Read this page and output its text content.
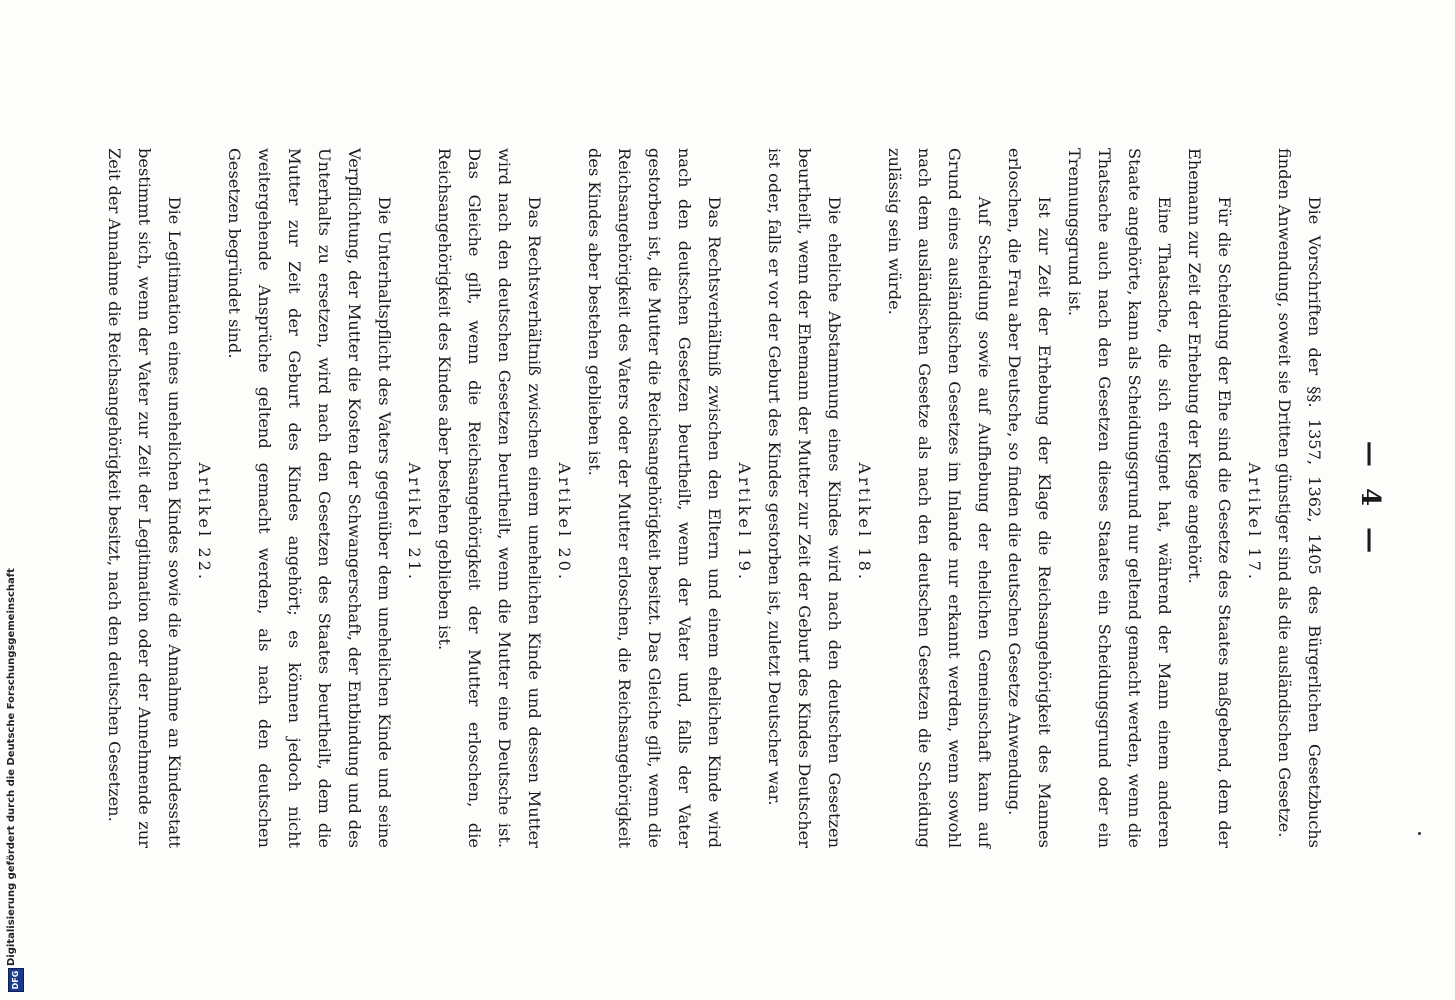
— 4 —

Die Vorschriften der §§. 1357, 1362, 1405 des Bürgerlichen Gesetzbuchs finden Anwendung, soweit sie Dritten günstiger sind als die ausländischen Gesetze.

Artikel 17.

Für die Scheidung der Ehe sind die Gesetze des Staates maßgebend, dem der Ehemann zur Zeit der Erhebung der Klage angehört.

Eine Thatsache, die sich ereignet hat, während der Mann einem anderen Staate angehörte, kann als Scheidungsgrund nur geltend gemacht werden, wenn die Thatsache auch nach den Gesetzen dieses Staates ein Scheidungsgrund oder ein Trennungsgrund ist.

Ist zur Zeit der Erhebung der Klage die Reichsangehörigkeit des Mannes erloschen, die Frau aber Deutsche, so finden die deutschen Gesetze Anwendung.

Auf Scheidung sowie auf Aufhebung der ehelichen Gemeinschaft kann auf Grund eines ausländischen Gesetzes im Inlande nur erkannt werden, wenn sowohl nach dem ausländischen Gesetze als nach den deutschen Gesetzen die Scheidung zulässig sein würde.

Artikel 18.

Die eheliche Abstammung eines Kindes wird nach den deutschen Gesetzen beurtheilt, wenn der Ehemann der Mutter zur Zeit der Geburt des Kindes Deutscher ist oder, falls er vor der Geburt des Kindes gestorben ist, zuletzt Deutscher war.

Artikel 19.

Das Rechtsverhältniß zwischen den Eltern und einem ehelichen Kinde wird nach den deutschen Gesetzen beurtheilt, wenn der Vater und, falls der Vater gestorben ist, die Mutter die Reichsangehörigkeit besitzt. Das Gleiche gilt, wenn die Reichsangehörigkeit des Vaters oder der Mutter erloschen, die Reichsangehörigkeit des Kindes aber bestehen geblieben ist.

Artikel 20.

Das Rechtsverhältniß zwischen einem unehelichen Kinde und dessen Mutter wird nach den deutschen Gesetzen beurtheilt, wenn die Mutter eine Deutsche ist. Das Gleiche gilt, wenn die Reichsangehörigkeit der Mutter erloschen, die Reichsangehörigkeit des Kindes aber bestehen geblieben ist.

Artikel 21.

Die Unterhaltspflicht des Vaters gegenüber dem unehelichen Kinde und seine Verpflichtung, der Mutter die Kosten der Schwangerschaft, der Entbindung und des Unterhalts zu ersetzen, wird nach den Gesetzen des Staates beurtheilt, dem die Mutter zur Zeit der Geburt des Kindes angehört; es können jedoch nicht weitergehende Ansprüche geltend gemacht werden, als nach den deutschen Gesetzen begründet sind.

Artikel 22.

Die Legitimation eines unehelichen Kindes sowie die Annahme an Kindesstatt bestimmt sich, wenn der Vater zur Zeit der Legitimation oder der Annehmende zur Zeit der Annahme die Reichsangehörigkeit besitzt, nach den deutschen Gesetzen.

Digitalisierung gefördert durch die Deutsche Forschungsgemeinschaft
DFG
